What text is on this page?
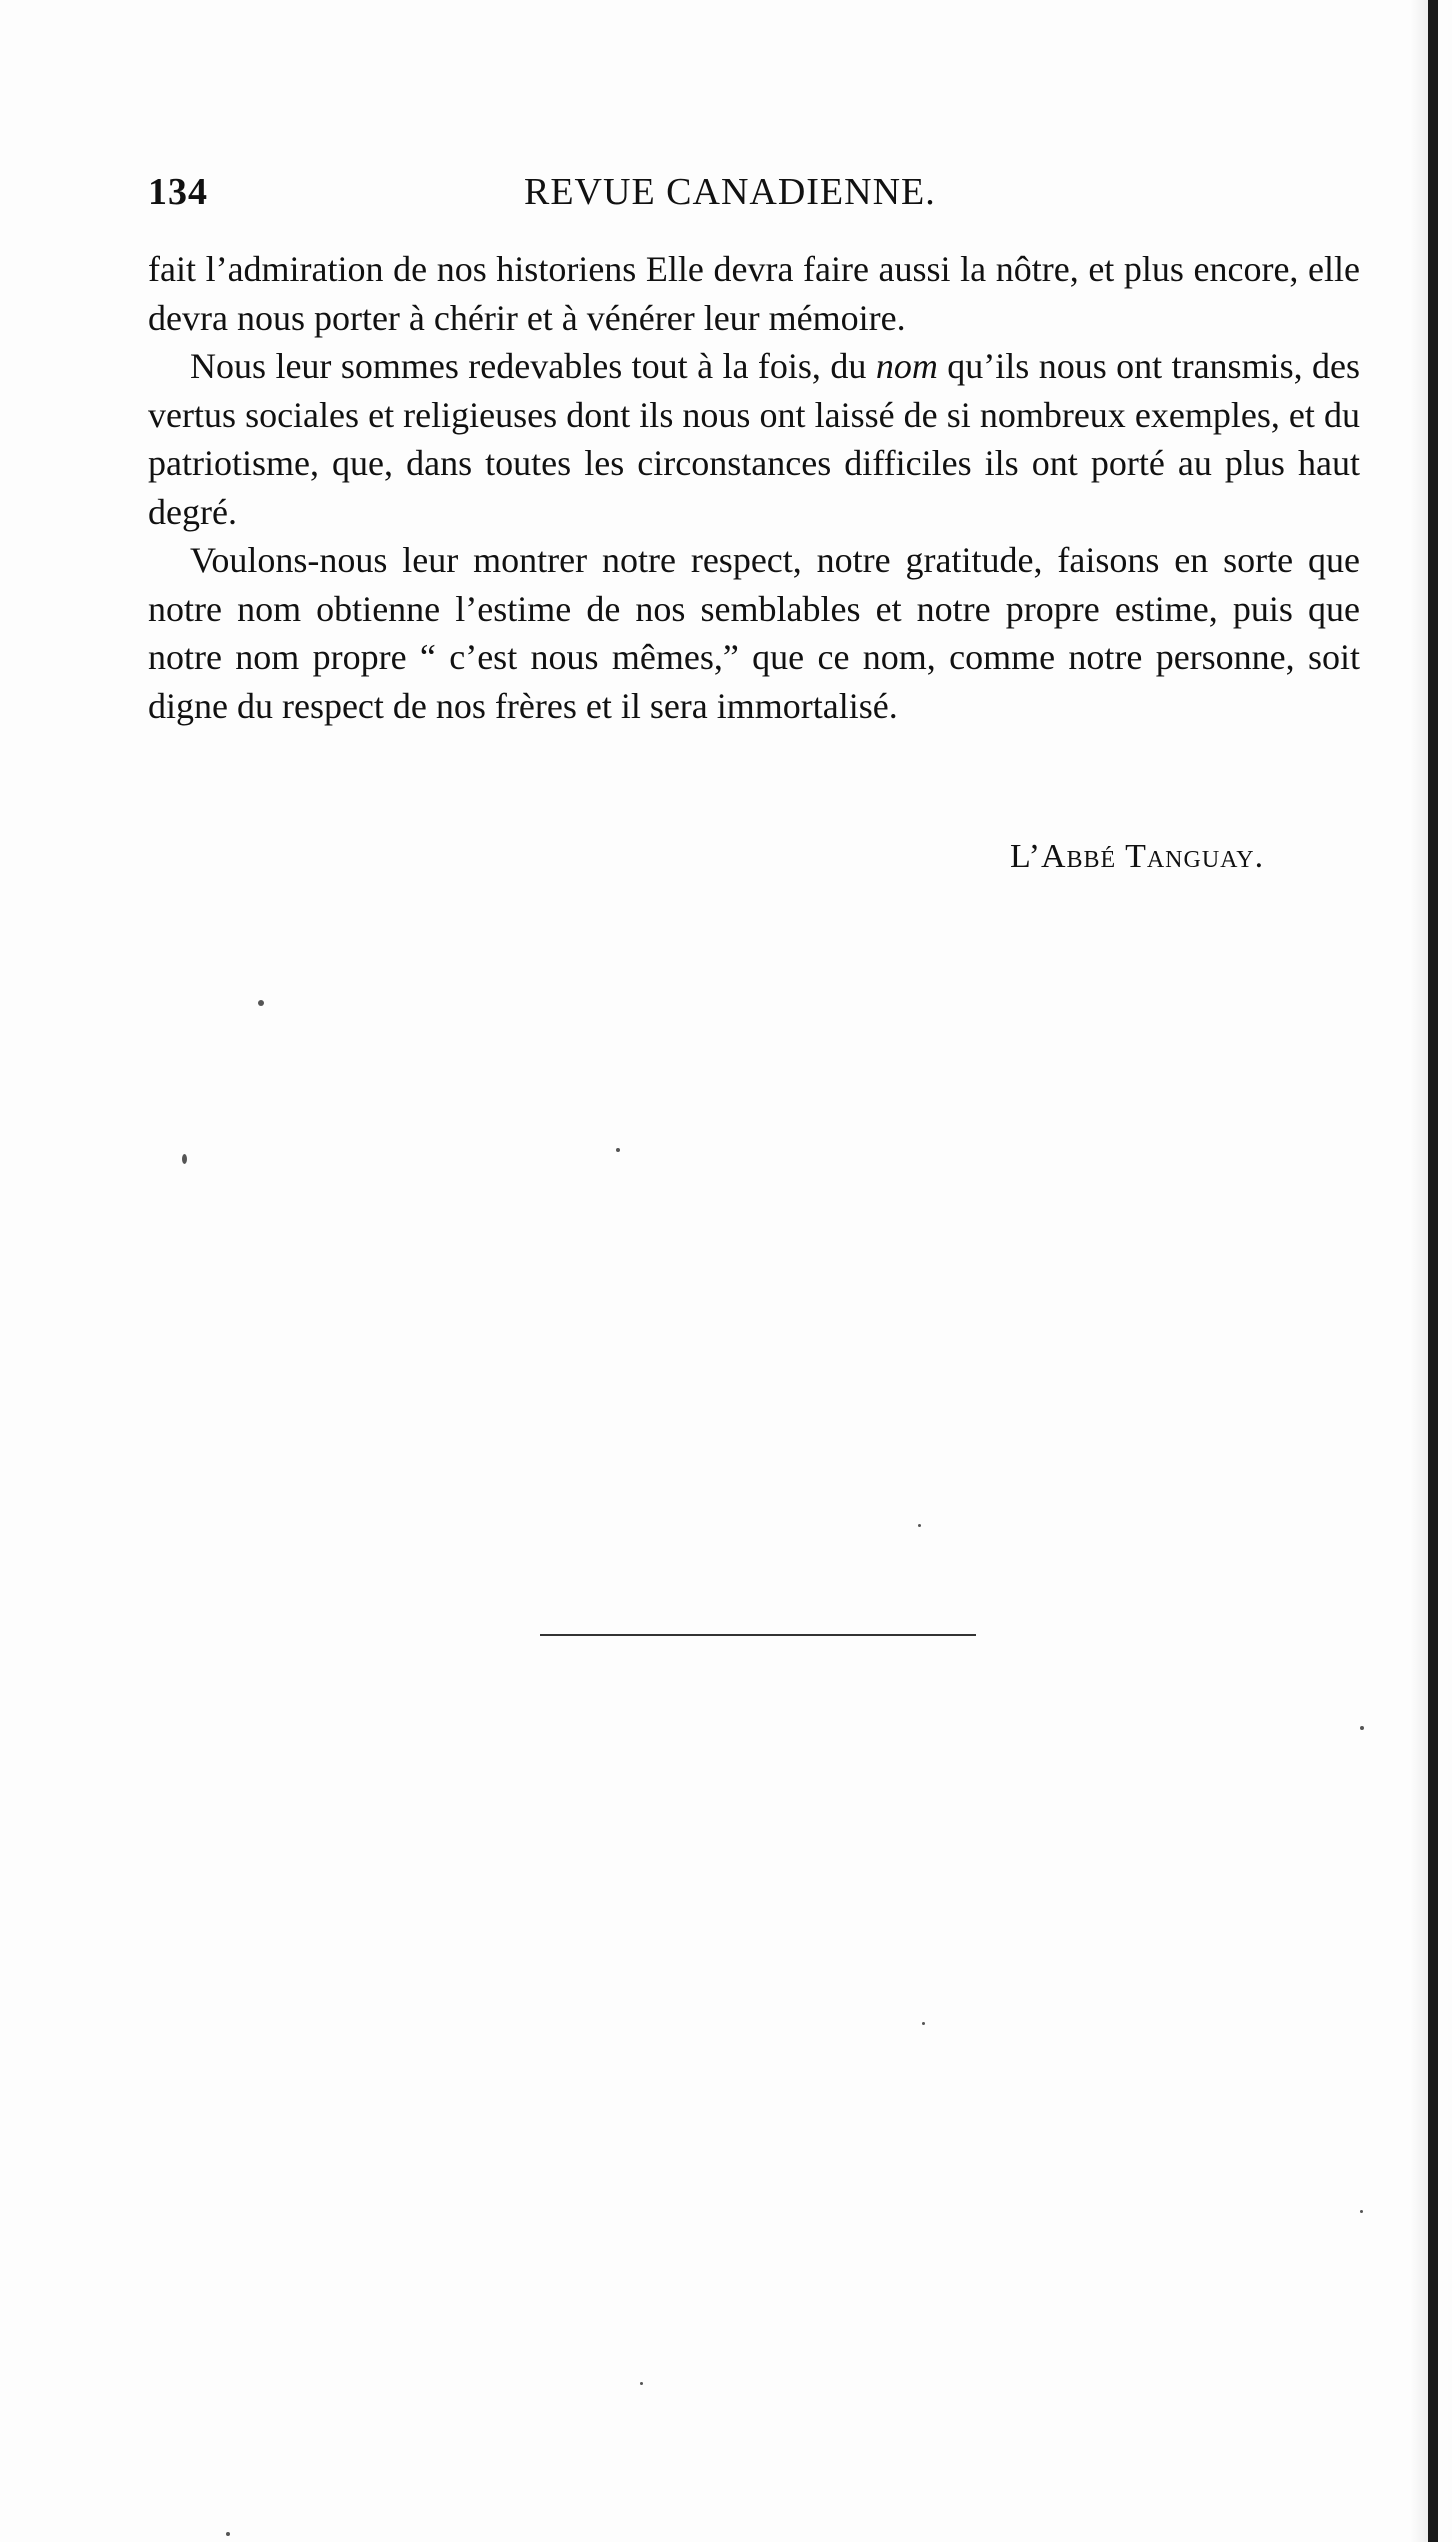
134	REVUE CANADIENNE.

fait l’admiration de nos historiens Elle devra faire aussi la nôtre, et plus encore, elle devra nous porter à chérir et à vénérer leur mémoire.

Nous leur sommes redevables tout à la fois, du nom qu’ils nous ont transmis, des vertus sociales et religieuses dont ils nous ont laissé de si nombreux exemples, et du patriotisme, que, dans toutes les circonstances difficiles ils ont porté au plus haut degré.

Voulons-nous leur montrer notre respect, notre gratitude, faisons en sorte que notre nom obtienne l’estime de nos semblables et notre propre estime, puis que notre nom propre “ c’est nous mêmes,” que ce nom, comme notre personne, soit digne du respect de nos frères et il sera immortalisé.

L’Abbé Tanguay.
